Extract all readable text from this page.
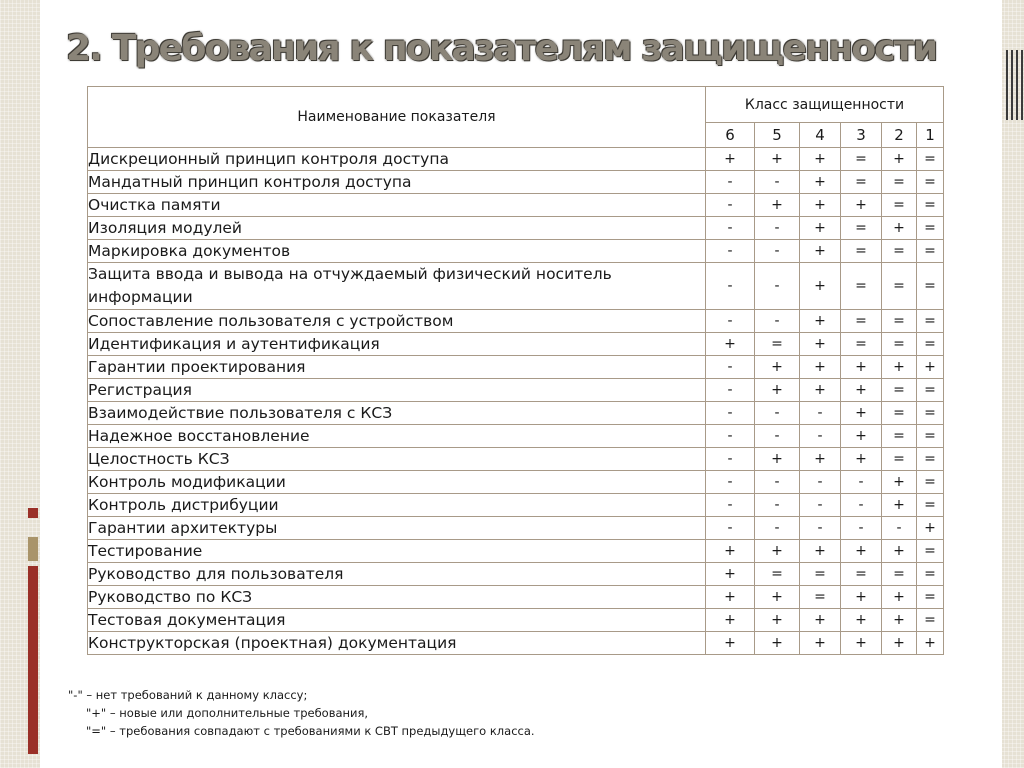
2. Требования к показателям защищенности
Наименование показателя	Класс защищенности					
	6	5	4	3	2	1
Дискреционный принцип контроля доступа	+	+	+	=	+	=
Мандатный принцип контроля доступа	-	-	+	=	=	=
Очистка памяти	-	+	+	+	=	=
Изоляция модулей	-	-	+	=	+	=
Маркировка документов	-	-	+	=	=	=
Защита ввода и вывода на отчуждаемый физический носитель информации	-	-	+	=	=	=
Сопоставление пользователя с устройством	-	-	+	=	=	=
Идентификация и аутентификация	+	=	+	=	=	=
Гарантии проектирования	-	+	+	+	+	+
Регистрация	-	+	+	+	=	=
Взаимодействие пользователя с КСЗ	-	-	-	+	=	=
Надежное восстановление	-	-	-	+	=	=
Целостность КСЗ	-	+	+	+	=	=
Контроль модификации	-	-	-	-	+	=
Контроль дистрибуции	-	-	-	-	+	=
Гарантии архитектуры	-	-	-	-	-	+
Тестирование	+	+	+	+	+	=
Руководство для пользователя	+	=	=	=	=	=
Руководство по КСЗ	+	+	=	+	+	=
Тестовая документация	+	+	+	+	+	=
Конструкторская (проектная) документация	+	+	+	+	+	+
"-" – нет требований к данному классу;
"+" – новые или дополнительные требования,
"=" – требования совпадают с требованиями к СВТ предыдущего класса.
